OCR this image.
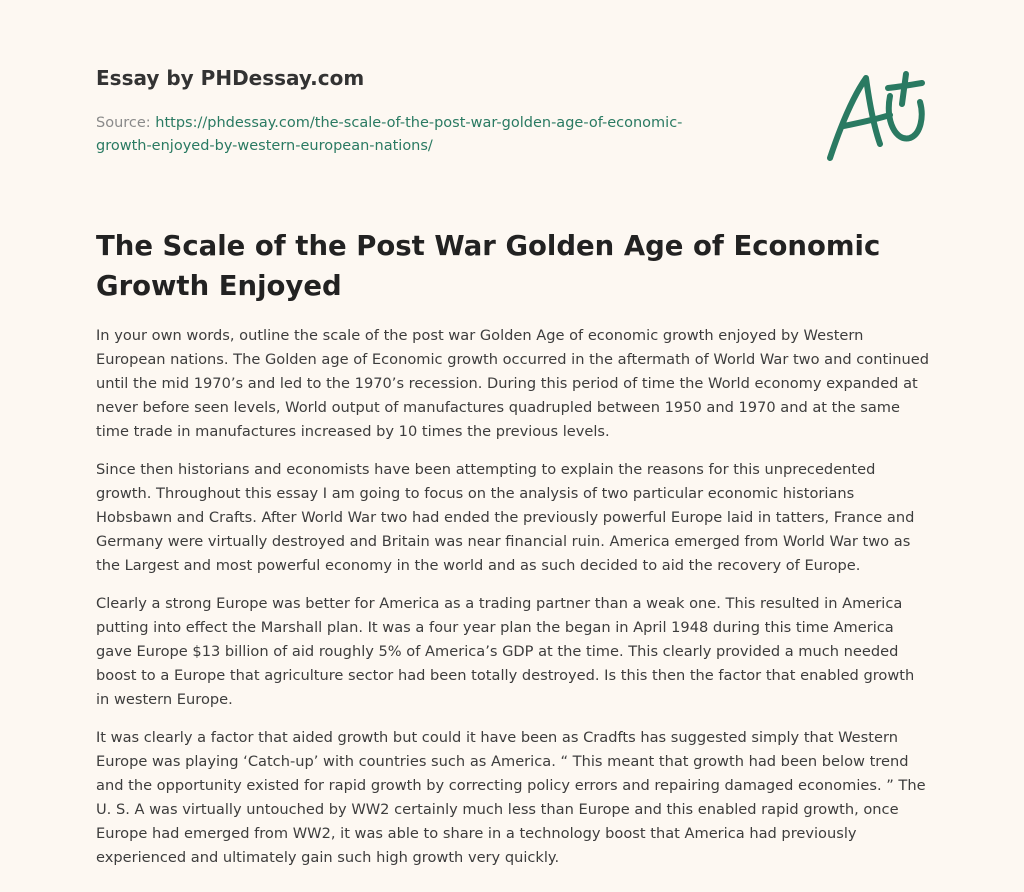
Essay by PHDessay.com

Source: https://phdessay.com/the-scale-of-the-post-war-golden-age-of-economic-growth-enjoyed-by-western-european-nations/
The Scale of the Post War Golden Age of Economic Growth Enjoyed

In your own words, outline the scale of the post war Golden Age of economic growth enjoyed by Western European nations. The Golden age of Economic growth occurred in the aftermath of World War two and continued until the mid 1970’s and led to the 1970’s recession. During this period of time the World economy expanded at never before seen levels, World output of manufactures quadrupled between 1950 and 1970 and at the same time trade in manufactures increased by 10 times the previous levels.

Since then historians and economists have been attempting to explain the reasons for this unprecedented growth. Throughout this essay I am going to focus on the analysis of two particular economic historians Hobsbawn and Crafts. After World War two had ended the previously powerful Europe laid in tatters, France and Germany were virtually destroyed and Britain was near financial ruin. America emerged from World War two as the Largest and most powerful economy in the world and as such decided to aid the recovery of Europe.

Clearly a strong Europe was better for America as a trading partner than a weak one. This resulted in America putting into effect the Marshall plan. It was a four year plan the began in April 1948 during this time America gave Europe $13 billion of aid roughly 5% of America’s GDP at the time. This clearly provided a much needed boost to a Europe that agriculture sector had been totally destroyed. Is this then the factor that enabled growth in western Europe.

It was clearly a factor that aided growth but could it have been as Cradfts has suggested simply that Western Europe was playing ‘Catch-up’ with countries such as America. “ This meant that growth had been below trend and the opportunity existed for rapid growth by correcting policy errors and repairing damaged economies. ” The U. S. A was virtually untouched by WW2 certainly much less than Europe and this enabled rapid growth, once Europe had emerged from WW2, it was able to share in a technology boost that America had previously experienced and ultimately gain such high growth very quickly.
